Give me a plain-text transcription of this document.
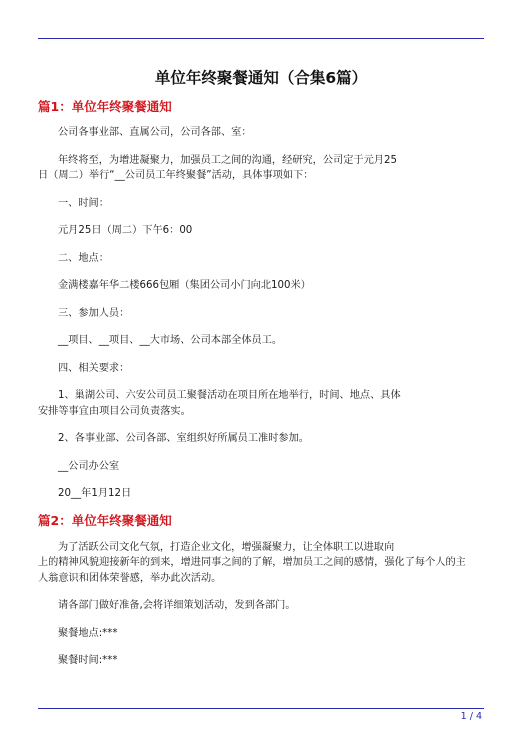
单位年终聚餐通知（合集6篇）
篇1：单位年终聚餐通知

公司各事业部、直属公司，公司各部、室：

年终将至，为增进凝聚力，加强员工之间的沟通，经研究，公司定于元月25

日（周二）举行“__公司员工年终聚餐”活动，具体事项如下：

一、时间：

元月25日（周二）下午6：00

二、地点：

金满楼嘉年华二楼666包厢（集团公司小门向北100米）

三、参加人员：

__项目、__项目、__大市场、公司本部全体员工。

四、相关要求：

1、巢湖公司、六安公司员工聚餐活动在项目所在地举行，时间、地点、具体

安排等事宜由项目公司负责落实。

2、各事业部、公司各部、室组织好所属员工准时参加。

__公司办公室

20__年1月12日

篇2：单位年终聚餐通知

为了活跃公司文化气氛，打造企业文化，增强凝聚力，让全体职工以进取向

上的精神风貌迎接新年的到来，增进同事之间的了解，增加员工之间的感情，强化了每个人的主

人翁意识和团体荣誉感，举办此次活动。

请各部门做好准备,会将详细策划活动，发到各部门。

聚餐地点:***

聚餐时间:***

1 / 4
